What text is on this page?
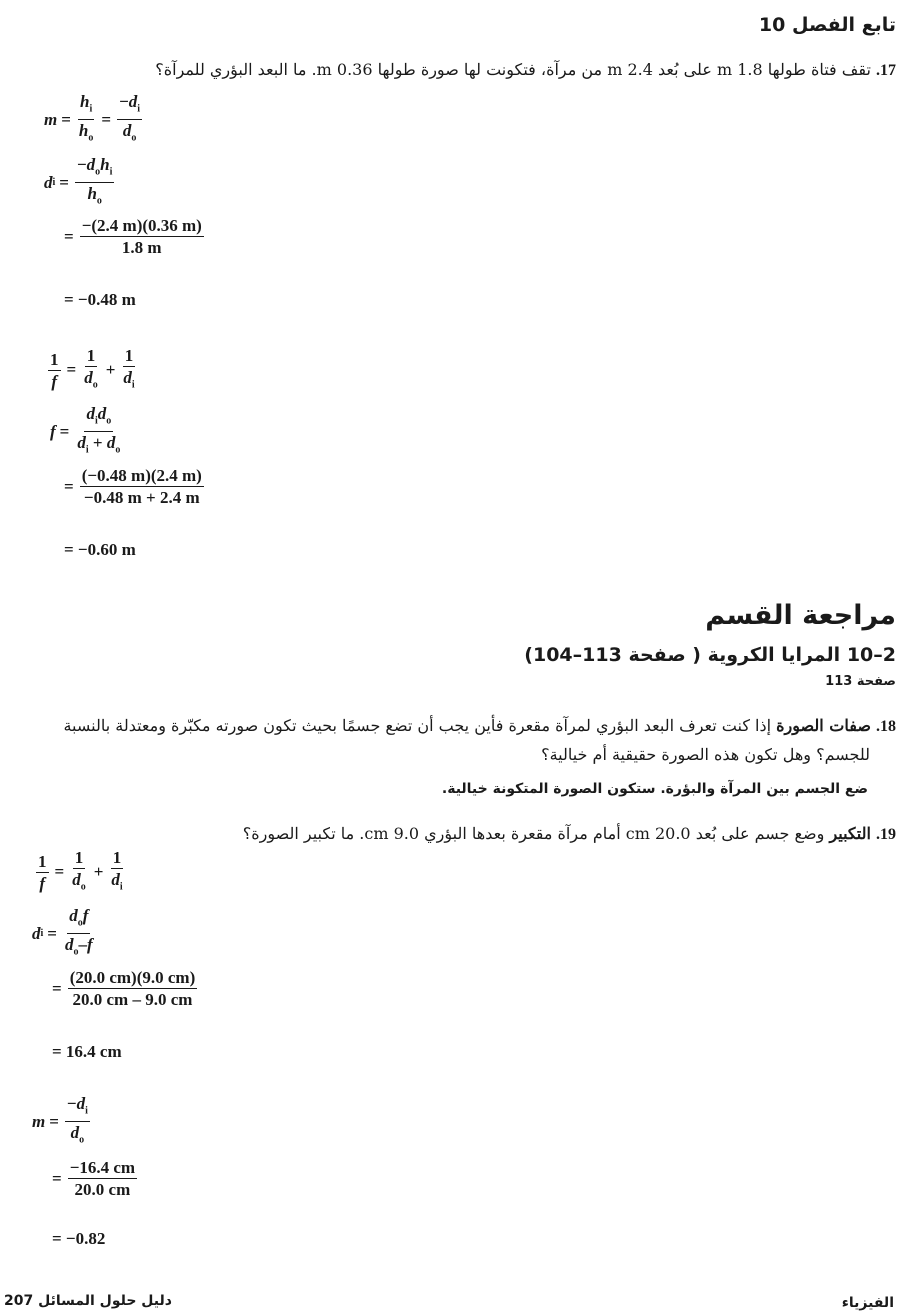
تابع الفصل 10
17. تقف فتاة طولها 1.8 m على بُعد 2.4 m من مرآة، فتكونت لها صورة طولها 0.36 m. ما البعد البؤري للمرآة؟
$m = \frac{h_i}{h_o} = \frac{-d_i}{d_o}$
d $i = \frac{-d_oh_i}{h_o}$
= $\frac{-(2.4 m)(0.36 m)}{1.8 m}$
= −0.48 m
$\frac{1}{f} = \frac{1}{d_o} + \frac{1}{d_i}$
$f = \frac{d_id_o}{d_i + d_o}$
= $\frac{(-0.48 m)(2.4 m)}{-0.48 m + 2.4 m}$
= −0.60 m
مراجعة القسم
2–10 المرايا الكروية ( صفحة 113–104)
صفحة 113
18. صفات الصورة إذا كنت تعرف البعد البؤري لمرآة مقعرة فأين يجب أن تضع جسمًا بحيث تكون صورته مكبّرة ومعتدلة بالنسبة
للجسم؟ وهل تكون هذه الصورة حقيقية أم خيالية؟
ضع الجسم بين المرآة والبؤرة. ستكون الصورة المتكونة خيالية.
19. التكبير وضع جسم على بُعد 20.0 cm أمام مرآة مقعرة بعدها البؤري 9.0 cm. ما تكبير الصورة؟
$\frac{1}{f} = \frac{1}{d_o} + \frac{1}{d_i}$
d $i = \frac{d_of}{d_o-f}$
= $\frac{(20.0 cm)(9.0 cm)}{20.0 cm - 9.0 cm}$
= 16.4 cm
$m = \frac{-d_i}{d_o}$
= $\frac{-16.4 cm}{20.0 cm}$
= −0.82
دليل حلول المسائل 207	الفيزياء
